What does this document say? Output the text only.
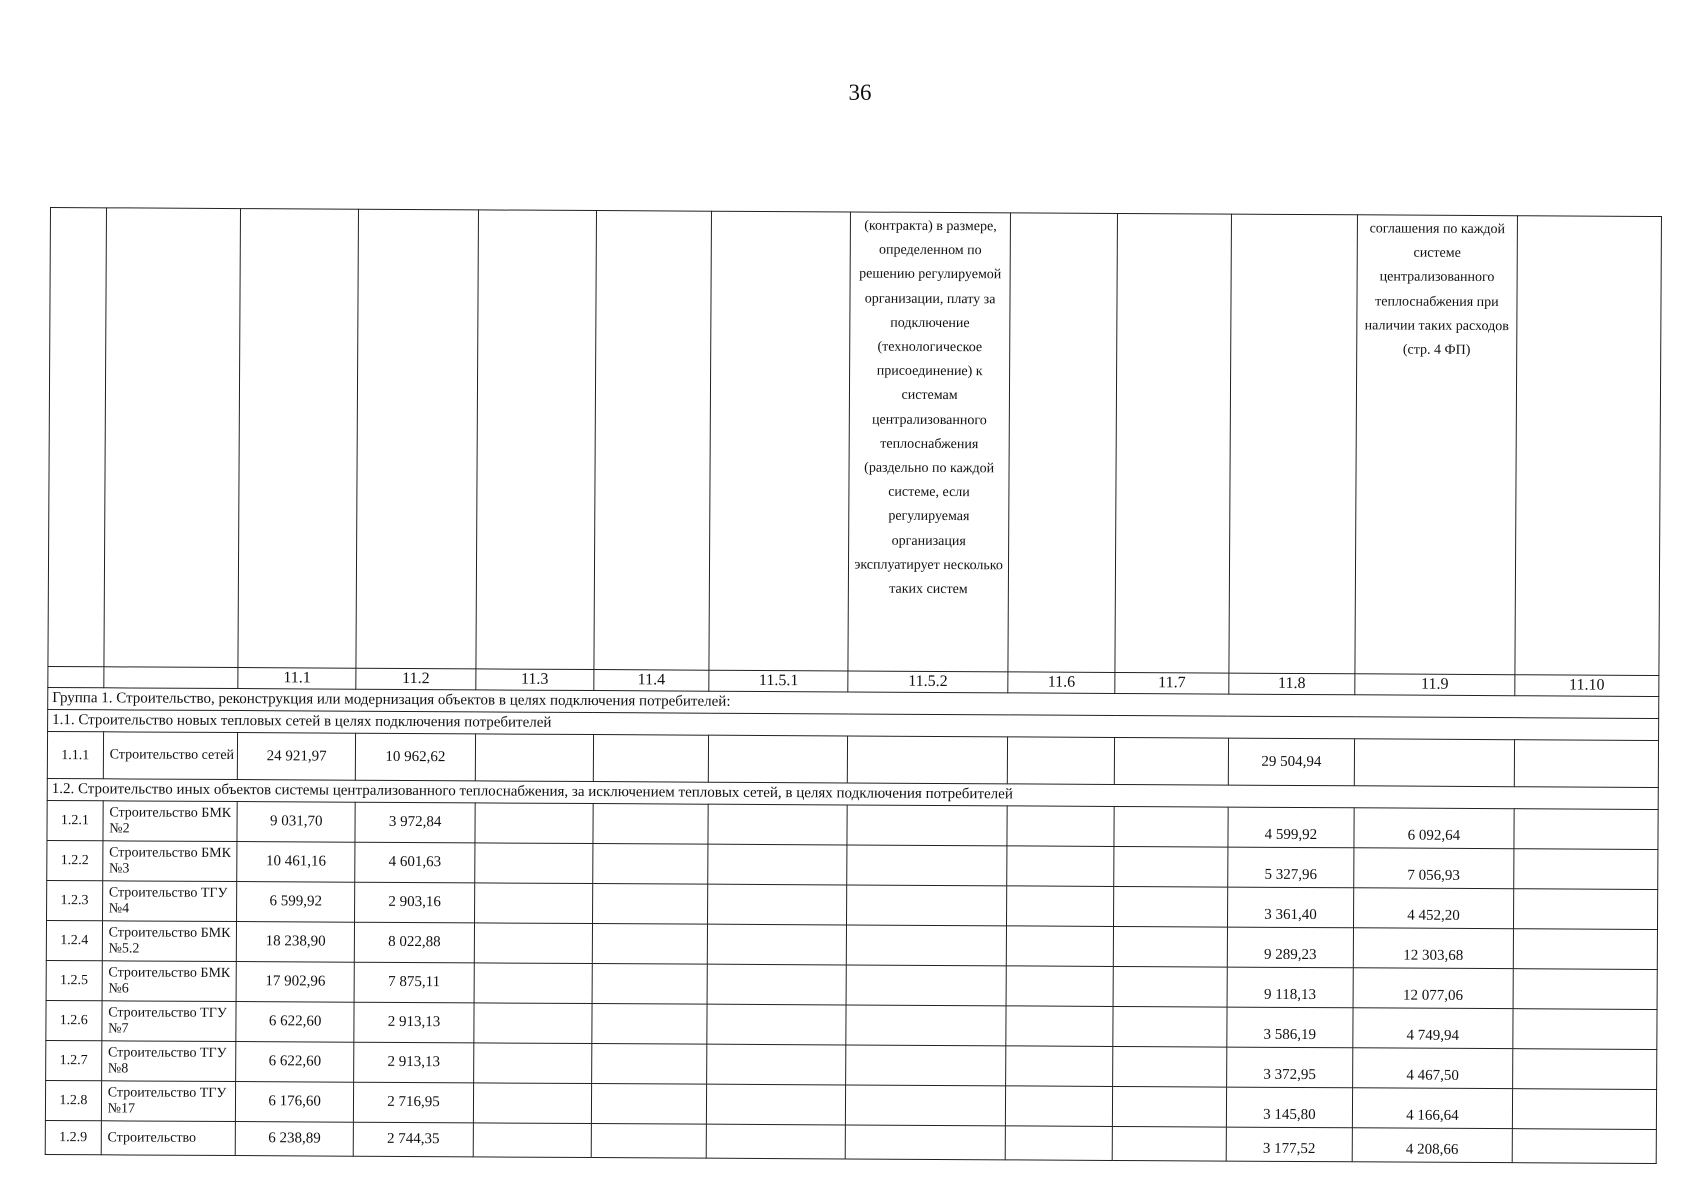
36

							(контракта) в размере, определенном по решению регулируемой организации, плату за подключение (технологическое присоединение) к системам централизованного теплоснабжения (раздельно по каждой системе, если регулируемая организация эксплуатирует несколько таких систем				соглашения по каждой системе централизованного теплоснабжения при наличии таких расходов (стр. 4 ФП)	

		11.1	11.2	11.3	11.4	11.5.1	11.5.2	11.6	11.7	11.8	11.9	11.10
Группа 1. Строительство, реконструкция или модернизация объектов в целях подключения потребителей:												
1.1. Строительство новых тепловых сетей в целях подключения потребителей												
1.1.1	Строительство сетей	24 921,97	10 962,62							29 504,94		
1.2. Строительство иных объектов системы централизованного теплоснабжения, за исключением тепловых сетей, в целях подключения потребителей												
1.2.1	Строительство БМК №2	9 031,70	3 972,84							4 599,92	6 092,64	
1.2.2	Строительство БМК №3	10 461,16	4 601,63							5 327,96	7 056,93	
1.2.3	Строительство ТГУ №4	6 599,92	2 903,16							3 361,40	4 452,20	
1.2.4	Строительство БМК №5.2	18 238,90	8 022,88							9 289,23	12 303,68	
1.2.5	Строительство БМК №6	17 902,96	7 875,11							9 118,13	12 077,06	
1.2.6	Строительство ТГУ №7	6 622,60	2 913,13							3 586,19	4 749,94	
1.2.7	Строительство ТГУ №8	6 622,60	2 913,13							3 372,95	4 467,50	
1.2.8	Строительство ТГУ №17	6 176,60	2 716,95							3 145,80	4 166,64	
1.2.9	Строительство	6 238,89	2 744,35							3 177,52	4 208,66	
